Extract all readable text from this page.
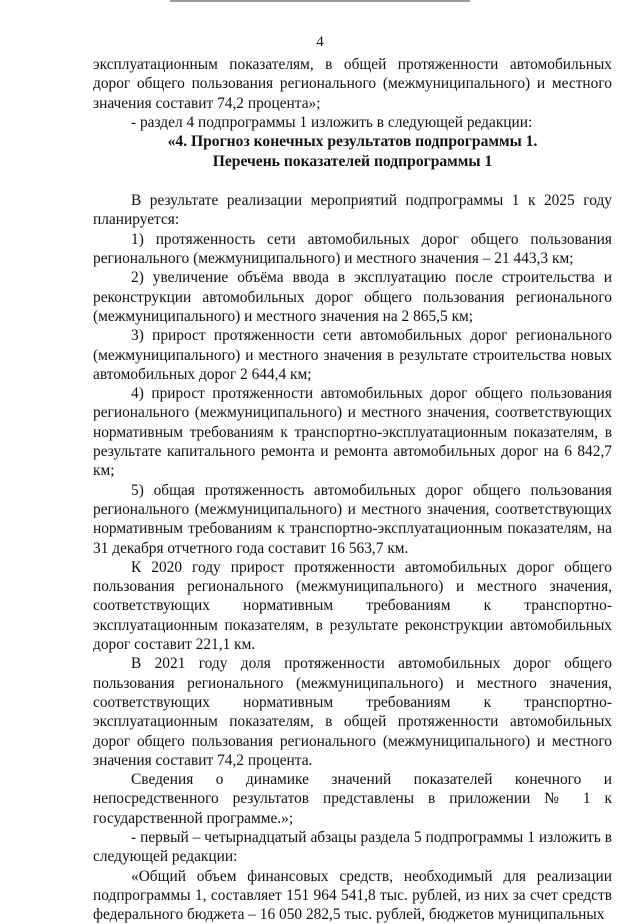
4

эксплуатационным показателям, в общей протяженности автомобильных дорог общего пользования регионального (межмуниципального) и местного значения составит 74,2 процента»;

- раздел 4 подпрограммы 1 изложить в следующей редакции:

«4. Прогноз конечных результатов подпрограммы 1.

Перечень показателей подпрограммы 1

В результате реализации мероприятий подпрограммы 1 к 2025 году планируется:

1) протяженность сети автомобильных дорог общего пользования регионального (межмуниципального) и местного значения – 21 443,3 км;

2) увеличение объёма ввода в эксплуатацию после строительства и реконструкции автомобильных дорог общего пользования регионального (межмуниципального) и местного значения на 2 865,5 км;

3) прирост протяженности сети автомобильных дорог регионального (межмуниципального) и местного значения в результате строительства новых автомобильных дорог 2 644,4 км;

4) прирост протяженности автомобильных дорог общего пользования регионального (межмуниципального) и местного значения, соответствующих нормативным требованиям к транспортно-эксплуатационным показателям, в результате капитального ремонта и ремонта автомобильных дорог на 6 842,7 км;

5) общая протяженность автомобильных дорог общего пользования регионального (межмуниципального) и местного значения, соответствующих нормативным требованиям к транспортно-эксплуатационным показателям, на 31 декабря отчетного года составит 16 563,7 км.

К 2020 году прирост протяженности автомобильных дорог общего пользования регионального (межмуниципального) и местного значения, соответствующих нормативным требованиям к транспортно-эксплуатационным показателям, в результате реконструкции автомобильных дорог составит 221,1 км.

В 2021 году доля протяженности автомобильных дорог общего пользования регионального (межмуниципального) и местного значения, соответствующих нормативным требованиям к транспортно-эксплуатационным показателям, в общей протяженности автомобильных дорог общего пользования регионального (межмуниципального) и местного значения составит 74,2 процента.

Сведения о динамике значений показателей конечного и непосредственного результатов представлены в приложении № 1 к государственной программе.»;

- первый – четырнадцатый абзацы раздела 5 подпрограммы 1 изложить в следующей редакции:

«Общий объем финансовых средств, необходимый для реализации подпрограммы 1, составляет 151 964 541,8 тыс. рублей, из них за счет средств федерального бюджета – 16 050 282,5 тыс. рублей, бюджетов муниципальных
